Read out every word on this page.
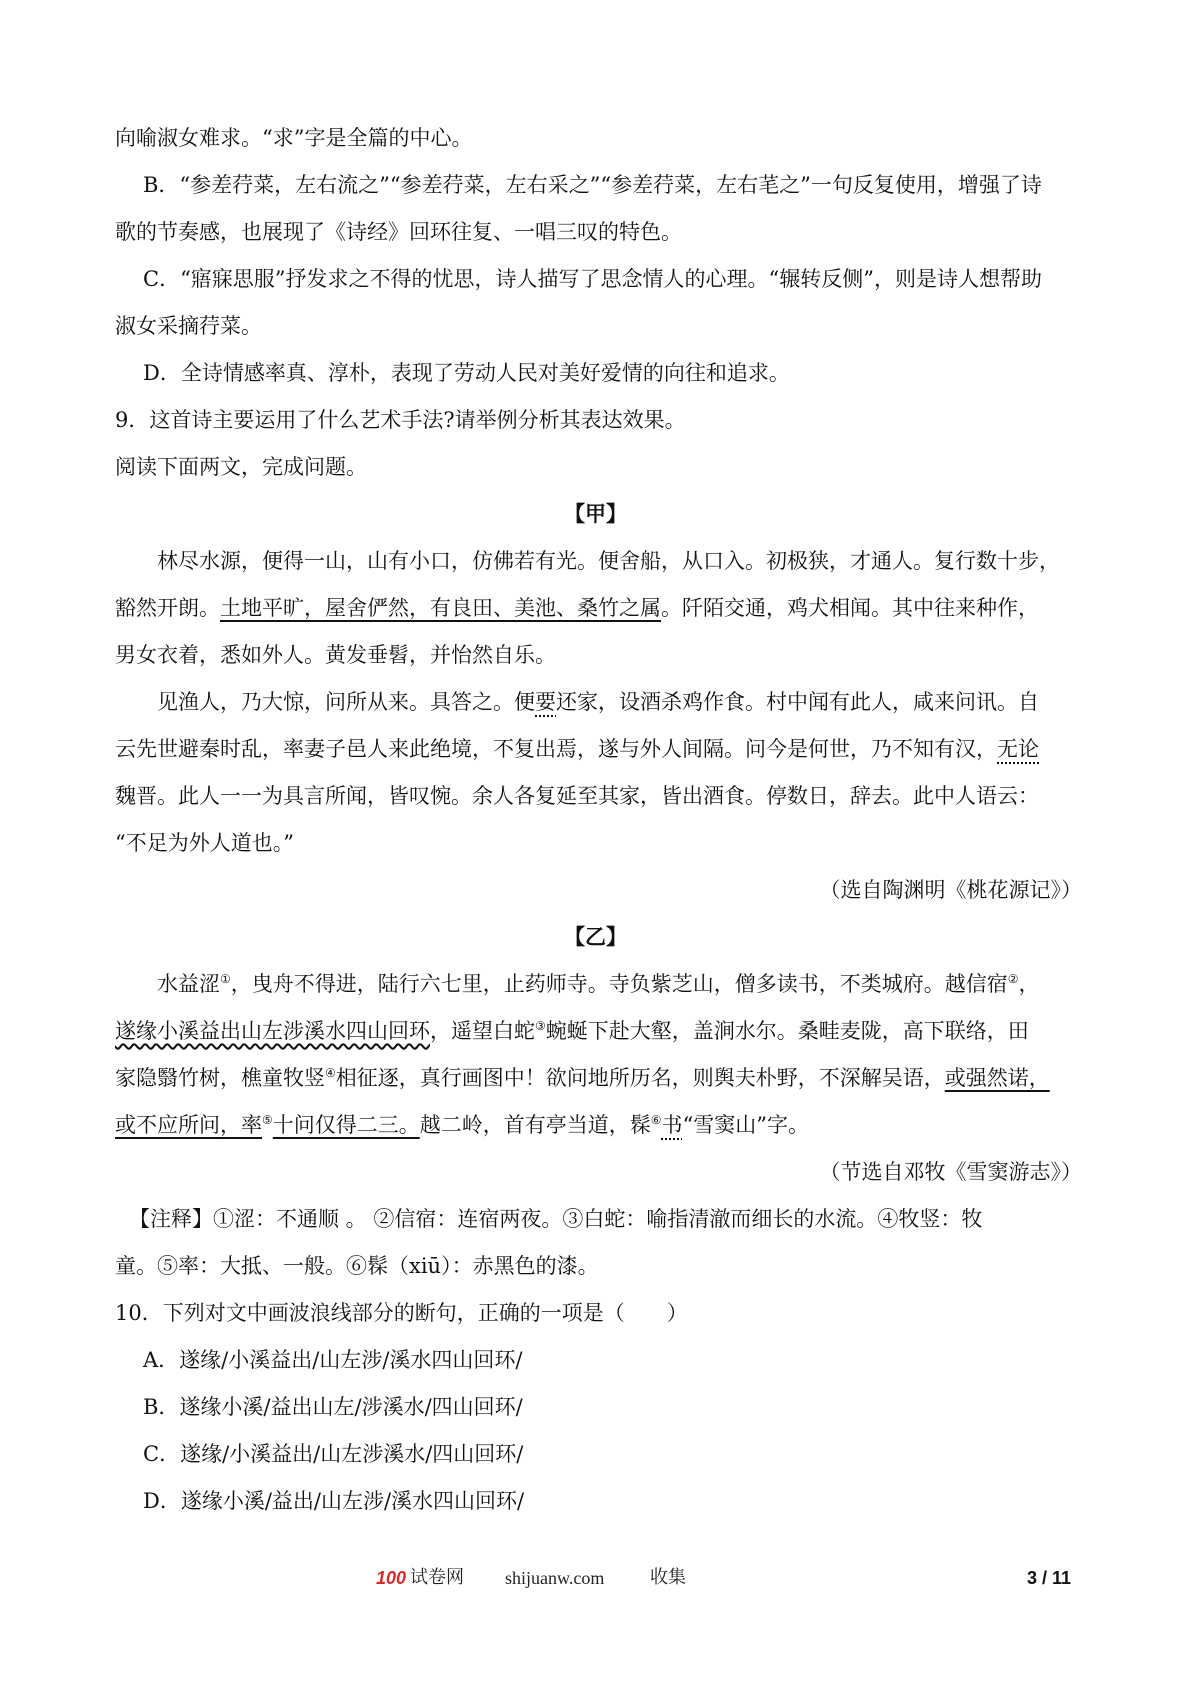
向喻淑女难求。“求”字是全篇的中心。
B．“参差荇菜，左右流之”“参差荇菜，左右采之”“参差荇菜，左右芼之”一句反复使用，增强了诗
歌的节奏感，也展现了《诗经》回环往复、一唱三叹的特色。
C．“寤寐思服”抒发求之不得的忧思，诗人描写了思念情人的心理。“辗转反侧”，则是诗人想帮助
淑女采摘荇菜。
D．全诗情感率真、淳朴，表现了劳动人民对美好爱情的向往和追求。
9．这首诗主要运用了什么艺术手法?请举例分析其表达效果。
阅读下面两文，完成问题。
【甲】
林尽水源，便得一山，山有小口，仿佛若有光。便舍船，从口入。初极狭，才通人。复行数十步，
豁然开朗。土地平旷，屋舍俨然，有良田、美池、桑竹之属。阡陌交通，鸡犬相闻。其中往来种作，
男女衣着，悉如外人。黄发垂髫，并怡然自乐。
见渔人，乃大惊，问所从来。具答之。便要还家，设酒杀鸡作食。村中闻有此人，咸来问讯。自
云先世避秦时乱，率妻子邑人来此绝境，不复出焉，遂与外人间隔。问今是何世，乃不知有汉，无论
魏晋。此人一一为具言所闻，皆叹惋。余人各复延至其家，皆出酒食。停数日，辞去。此中人语云：
“不足为外人道也。”
（选自陶渊明《桃花源记》）
【乙】
水益涩①，曳舟不得进，陆行六七里，止药师寺。寺负紫芝山，僧多读书，不类城府。越信宿②，
遂缘小溪益出山左涉溪水四山回环，遥望白蛇③蜿蜒下赴大壑，盖涧水尔。桑畦麦陇，高下联络，田
家隐翳竹树，樵童牧竖④相征逐，真行画图中！欲问地所历名，则舆夫朴野，不深解吴语，或强然诺，
或不应所问，率⑤十问仅得二三。越二岭，首有亭当道，髹⑥书“雪窦山”字。
（节选自邓牧《雪窦游志》）
【注释】①涩：不通顺 。 ②信宿：连宿两夜。③白蛇：喻指清澈而细长的水流。④牧竖：牧
童。⑤率：大抵、一般。⑥髹（xiū）：赤黑色的漆。
10．下列对文中画波浪线部分的断句，正确的一项是（　　）
A．遂缘/小溪益出/山左涉/溪水四山回环/
B．遂缘小溪/益出山左/涉溪水/四山回环/
C．遂缘/小溪益出/山左涉溪水/四山回环/
D．遂缘小溪/益出/山左涉/溪水四山回环/
100 试卷网 shijuanw.com	收集	3 / 11
